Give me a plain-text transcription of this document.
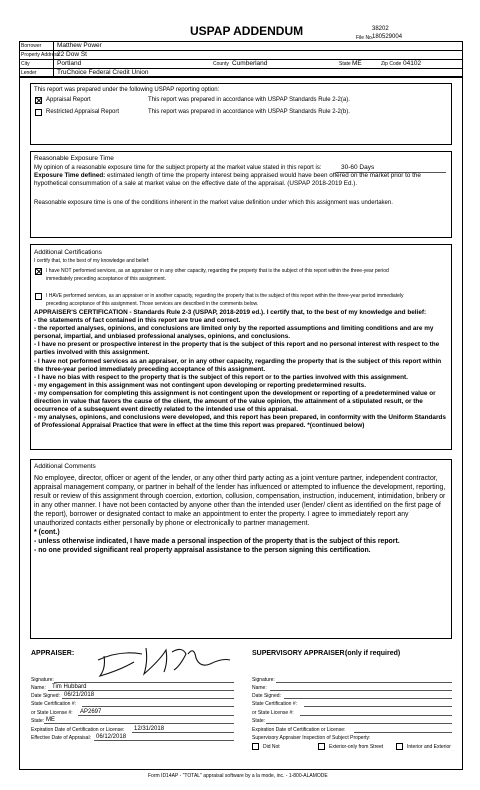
USPAP ADDENDUM	38202
File No.
180529004
Borrower Matthew Power
Property Address
22 Dow St
City	Portland	County Cumberland	State ME	Zip Code 04102
Lender	TruChoice Federal Credit Union
This report was prepared under the following USPAP reporting option:
Appraisal Report	This report was prepared in accordance with USPAP Standards Rule 2-2(a).
Restricted Appraisal Report	This report was prepared in accordance with USPAP Standards Rule 2-2(b).
Reasonable Exposure Time
My opinion of a reasonable exposure time for the subject property at the market value stated in this report is:	30-60 Days
Exposure Time defined: estimated length of time the property interest being appraised would have been offered on the market prior to the hypothetical consummation of a sale at market value on the effective date of the appraisal. (USPAP 2018-2019 Ed.).
Reasonable exposure time is one of the conditions inherent in the market value definition under which this assignment was undertaken.
Additional Certifications
I certify that, to the best of my knowledge and belief:
I have NOT performed services, as an appraiser or in any other capacity, regarding the property that is the subject of this report within the three-year period immediately preceding acceptance of this assignment.
I HAVE performed services, as an appraiser or in another capacity, regarding the property that is the subject of this report within the three-year period immediately preceding acceptance of this assignment. Those services are described in the comments below.

APPRAISER'S CERTIFICATION - Standards Rule 2-3 (USPAP, 2018-2019 ed.). I certify that, to the best of my knowledge and belief:

- the statements of fact contained in this report are true and correct.

- the reported analyses, opinions, and conclusions are limited only by the reported assumptions and limiting conditions and are my personal, impartial, and unbiased professional analyses, opinions, and conclusions.

- I have no present or prospective interest in the property that is the subject of this report and no personal interest with respect to the parties involved with this assignment.

- I have not performed services as an appraiser, or in any other capacity, regarding the property that is the subject of this report within the three-year period immediately preceding acceptance of this assignment.

- I have no bias with respect to the property that is the subject of this report or to the parties involved with this assignment.

- my engagement in this assignment was not contingent upon developing or reporting predetermined results.

- my compensation for completing this assignment is not contingent upon the development or reporting of a predetermined value or direction in value that favors the cause of the client, the amount of the value opinion, the attainment of a stipulated result, or the occurrence of a subsequent event directly related to the intended use of this appraisal.

- my analyses, opinions, and conclusions were developed, and this report has been prepared, in conformity with the Uniform Standards of Professional Appraisal Practice that were in effect at the time this report was prepared. *(continued below)

Additional Comments

No employee, director, officer or agent of the lender, or any other third party acting as a joint venture partner, independent contractor, appraisal management company, or partner in behalf of the lender has influenced or attempted to influence the development, reporting, result or review of this assignment through coercion, extortion, collusion, compensation, instruction, inducement, intimidation, bribery or in any other manner. I have not been contacted by anyone other than the intended user (lender/ client as identified on the first page of the report), borrower or designated contact to make an appointment to enter the property. I agree to immediately report any unauthorized contacts either personally by phone or electronically to partner management.

* (cont.)

- unless otherwise indicated, I have made a personal inspection of the property that is the subject of this report.

- no one provided significant real property appraisal assistance to the person signing this certification.

APPRAISER:
Signature:
Name: Tim Hubbard
Date Signed: 06/21/2018
State Certification #:
or State License #: AP2697
State: ME
Expiration Date of Certification or License: 12/31/2018
Effective Date of Appraisal: 06/12/2018
SUPERVISORY APPRAISER:
(only if required)
Signature:
Name:
Date Signed:
State Certification #:
or State License #:
State:
Expiration Date of Certification or License:
Supervisory Appraiser Inspection of Subject Property:
Did Not	Exterior-only from Street	Interior and Exterior
Form ID14AP - "TOTAL" appraisal software by a la mode, inc. - 1-800-ALAMODE
